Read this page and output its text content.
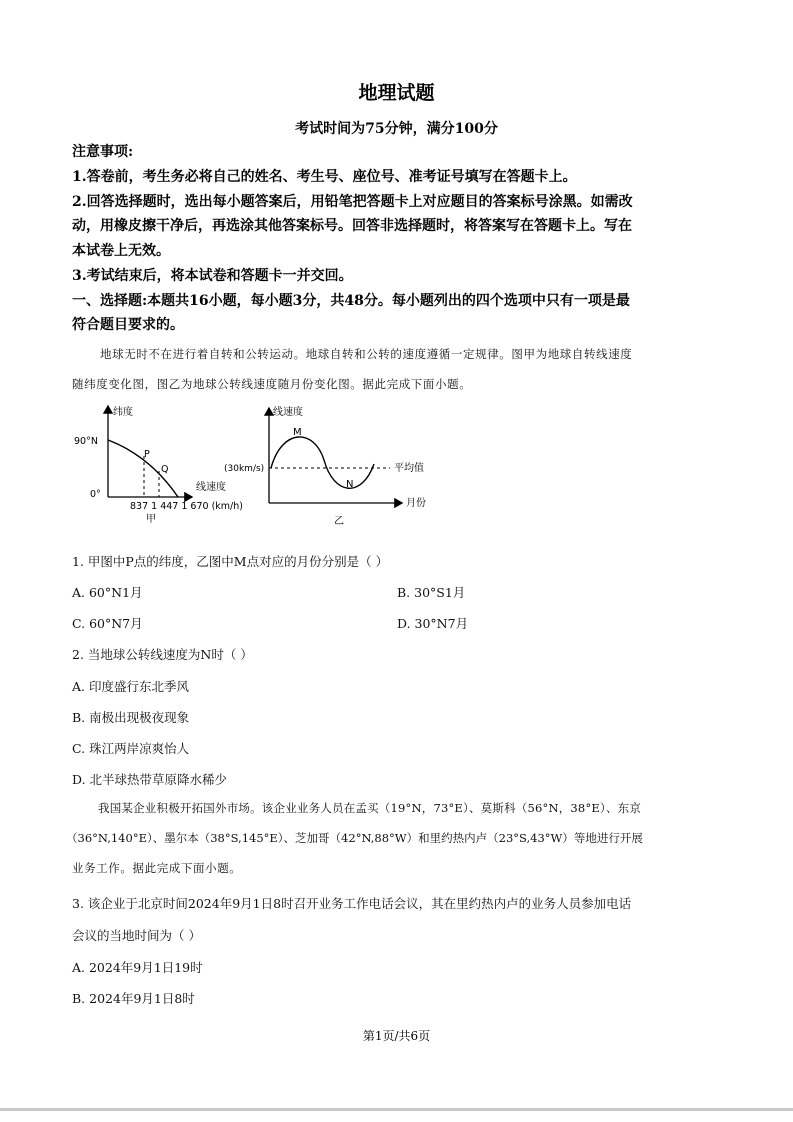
地理试题
考试时间为75分钟，满分100分
注意事项:
1.答卷前，考生务必将自己的姓名、考生号、座位号、准考证号填写在答题卡上。
2.回答选择题时，选出每小题答案后，用铅笔把答题卡上对应题目的答案标号涂黑。如需改
动，用橡皮擦干净后，再选涂其他答案标号。回答非选择题时，将答案写在答题卡上。写在
本试卷上无效。
3.考试结束后，将本试卷和答题卡一并交回。
一、选择题:本题共16小题，每小题3分，共48分。每小题列出的四个选项中只有一项是最
符合题目要求的。
地球无时不在进行着自转和公转运动。地球自转和公转的速度遵循一定规律。图甲为地球自转线速度
随纬度变化图，图乙为地球公转线速度随月份变化图。据此完成下面小题。
纬度
90°N
0°
P
Q
线速度
837 1 447 1 670 (km/h)
甲
线速度
(30km/s)
M
N
平均值
月份
乙
1. 甲图中P点的纬度，乙图中M点对应的月份分别是（ ）
A. 60°N1月	B. 30°S1月
C. 60°N7月	D. 30°N7月
2. 当地球公转线速度为N时（ ）
A. 印度盛行东北季风
B. 南极出现极夜现象
C. 珠江两岸凉爽怡人
D. 北半球热带草原降水稀少
我国某企业积极开拓国外市场。该企业业务人员在孟买（19°N，73°E）、莫斯科（56°N，38°E）、东京
（36°N,140°E）、墨尔本（38°S,145°E）、芝加哥（42°N,88°W）和里约热内卢（23°S,43°W）等地进行开展
业务工作。据此完成下面小题。
3. 该企业于北京时间2024年9月1日8时召开业务工作电话会议，其在里约热内卢的业务人员参加电话
会议的当地时间为（ ）
A. 2024年9月1日19时
B. 2024年9月1日8时
第1页/共6页
